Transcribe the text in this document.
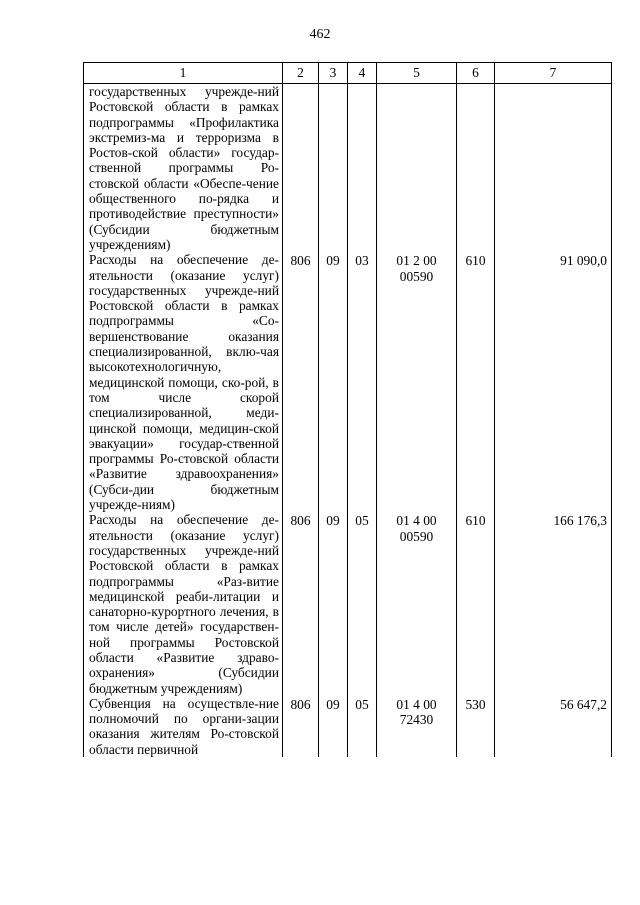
462
1	2	3	4	5	6	7
государственных учрежде-ний Ростовской области в рамках подпрограммы «Профилактика экстремиз-ма и терроризма в Ростов-ской области» государ-ственной программы Ро-стовской области «Обеспе-чение общественного по-рядка и противодействие преступности» (Субсидии бюджетным учреждениям)						
Расходы на обеспечение де-ятельности (оказание услуг) государственных учрежде-ний Ростовской области в рамках подпрограммы «Со-вершенствование оказания специализированной, вклю-чая высокотехнологичную, медицинской помощи, ско-рой, в том числе скорой специализированной, меди-цинской помощи, медицин-ской эвакуации» государ-ственной программы Ро-стовской области «Развитие здравоохранения» (Субси-дии бюджетным учрежде-ниям)	806	09	03	01 2 00 00590	610	91 090,0
Расходы на обеспечение де-ятельности (оказание услуг) государственных учрежде-ний Ростовской области в рамках подпрограммы «Раз-витие медицинской реаби-литации и санаторно-курортного лечения, в том числе детей» государствен-ной программы Ростовской области «Развитие здраво-охранения» (Субсидии бюджетным учреждениям)	806	09	05	01 4 00 00590	610	166 176,3
Субвенция на осуществле-ние полномочий по органи-зации оказания жителям Ро-стовской области первичной	806	09	05	01 4 00 72430	530	56 647,2
